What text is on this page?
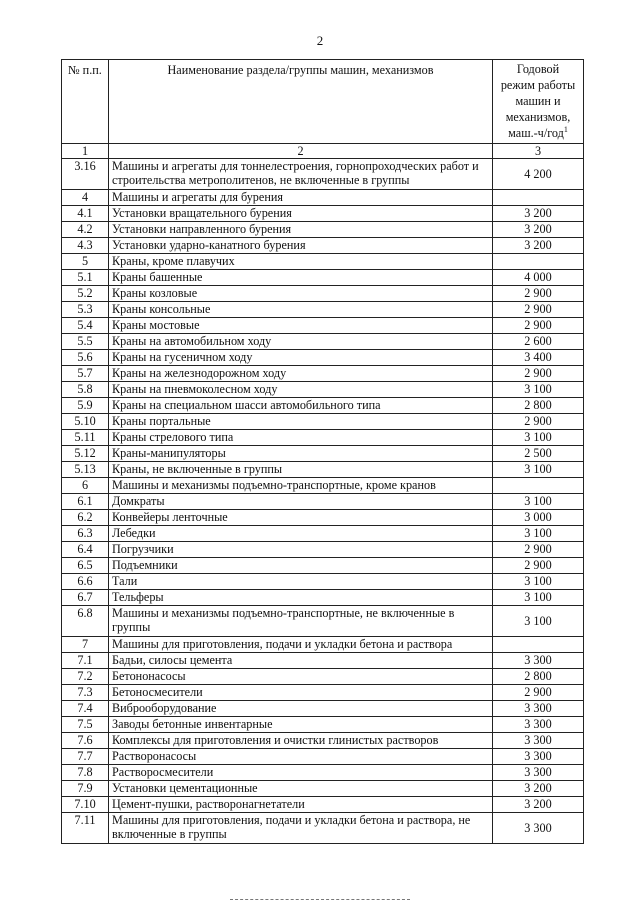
2
№ п.п.	Наименование раздела/группы машин, механизмов	Годовой
режим работы
машин и
механизмов,
маш.-ч/год$^1$
1	2	3
3.16	Машины и агрегаты для тоннелестроения, горнопроходческих работ и строительства метрополитенов, не включенные в группы	4 200
4	Машины и агрегаты для бурения	
4.1	Установки вращательного бурения	3 200
4.2	Установки направленного бурения	3 200
4.3	Установки ударно-канатного бурения	3 200
5	Краны, кроме плавучих	
5.1	Краны башенные	4 000
5.2	Краны козловые	2 900
5.3	Краны консольные	2 900
5.4	Краны мостовые	2 900
5.5	Краны на автомобильном ходу	2 600
5.6	Краны на гусеничном ходу	3 400
5.7	Краны на железнодорожном ходу	2 900
5.8	Краны на пневмоколесном ходу	3 100
5.9	Краны на специальном шасси автомобильного типа	2 800
5.10	Краны портальные	2 900
5.11	Краны стрелового типа	3 100
5.12	Краны-манипуляторы	2 500
5.13	Краны, не включенные в группы	3 100
6	Машины и механизмы подъемно-транспортные, кроме кранов	
6.1	Домкраты	3 100
6.2	Конвейеры ленточные	3 000
6.3	Лебедки	3 100
6.4	Погрузчики	2 900
6.5	Подъемники	2 900
6.6	Тали	3 100
6.7	Тельферы	3 100
6.8	Машины и механизмы подъемно-транспортные, не включенные в группы	3 100
7	Машины для приготовления, подачи и укладки бетона и раствора	
7.1	Бадьи, силосы цемента	3 300
7.2	Бетононасосы	2 800
7.3	Бетоносмесители	2 900
7.4	Виброоборудование	3 300
7.5	Заводы бетонные инвентарные	3 300
7.6	Комплексы для приготовления и очистки глинистых растворов	3 300
7.7	Растворонасосы	3 300
7.8	Растворосмесители	3 300
7.9	Установки цементационные	3 200
7.10	Цемент-пушки, растворонагнетатели	3 200
7.11	Машины для приготовления, подачи и укладки бетона и раствора, не включенные в группы	3 300
